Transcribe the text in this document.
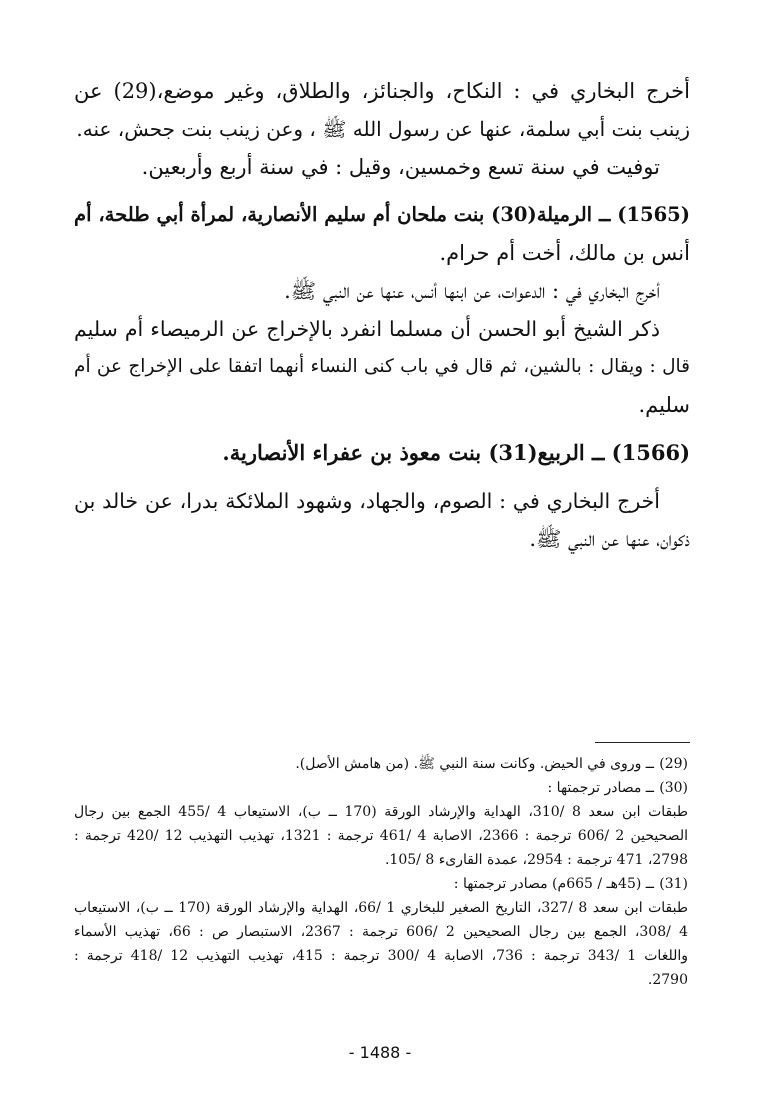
أخرج البخاري في : النكاح، والجنائز، والطلاق، وغير موضع،(29) عن
زينب بنت أبي سلمة، عنها عن رسول الله ﷺ ، وعن زينب بنت جحش، عنه.

توفيت في سنة تسع وخمسين، وقيل : في سنة أربع وأربعين.

(1565) ــ الرميلة(30) بنت ملحان أم سليم الأنصارية، لمرأة أبي طلحة، أم
أنس بن مالك، أخت أم حرام.

أخرج البخاري في : الدعوات، عن ابنها أنس، عنها عن النبي ﷺ.

ذكر الشيخ أبو الحسن أن مسلما انفرد بالإخراج عن الرميصاء أم سليم
قال : ويقال : بالشين، ثم قال في باب كنى النساء أنهما اتفقا على الإخراج عن أم
سليم.

(1566) ــ الربيع(31) بنت معوذ بن عفراء الأنصارية.

أخرج البخاري في : الصوم، والجهاد، وشهود الملائكة بدرا، عن خالد بن
ذكوان، عنها عن النبي ﷺ.

(29)
ــ وروى في الحيض. وكانت سنة النبي ﷺ. (من هامش الأصل).
(30)
ــ مصادر ترجمتها :
طبقات ابن سعد 8 /310، الهداية والإرشاد الورقة (170 ــ ب)، الاستيعاب 4 /455 الجمع بين رجال
الصحيحين 2 /606 ترجمة : 2366، الاصابة 4 /461 ترجمة : 1321، تهذيب التهذيب 12 /420 ترجمة :
2798، 471 ترجمة : 2954، عمدة القارىء 8 /105.
(31)
ــ (45هـ / 665م) مصادر ترجمتها :
طبقات ابن سعد 8 /327، التاريخ الصغير للبخاري 1 /66، الهداية والإرشاد الورقة (170 ــ ب)، الاستيعاب
4 /308، الجمع بين رجال الصحيحين 2 /606 ترجمة : 2367، الاستبصار ص : 66، تهذيب الأسماء
واللغات 1 /343 ترجمة : 736، الاصابة 4 /300 ترجمة : 415، تهذيب التهذيب 12 /418 ترجمة :
2790.
- 1488 -
